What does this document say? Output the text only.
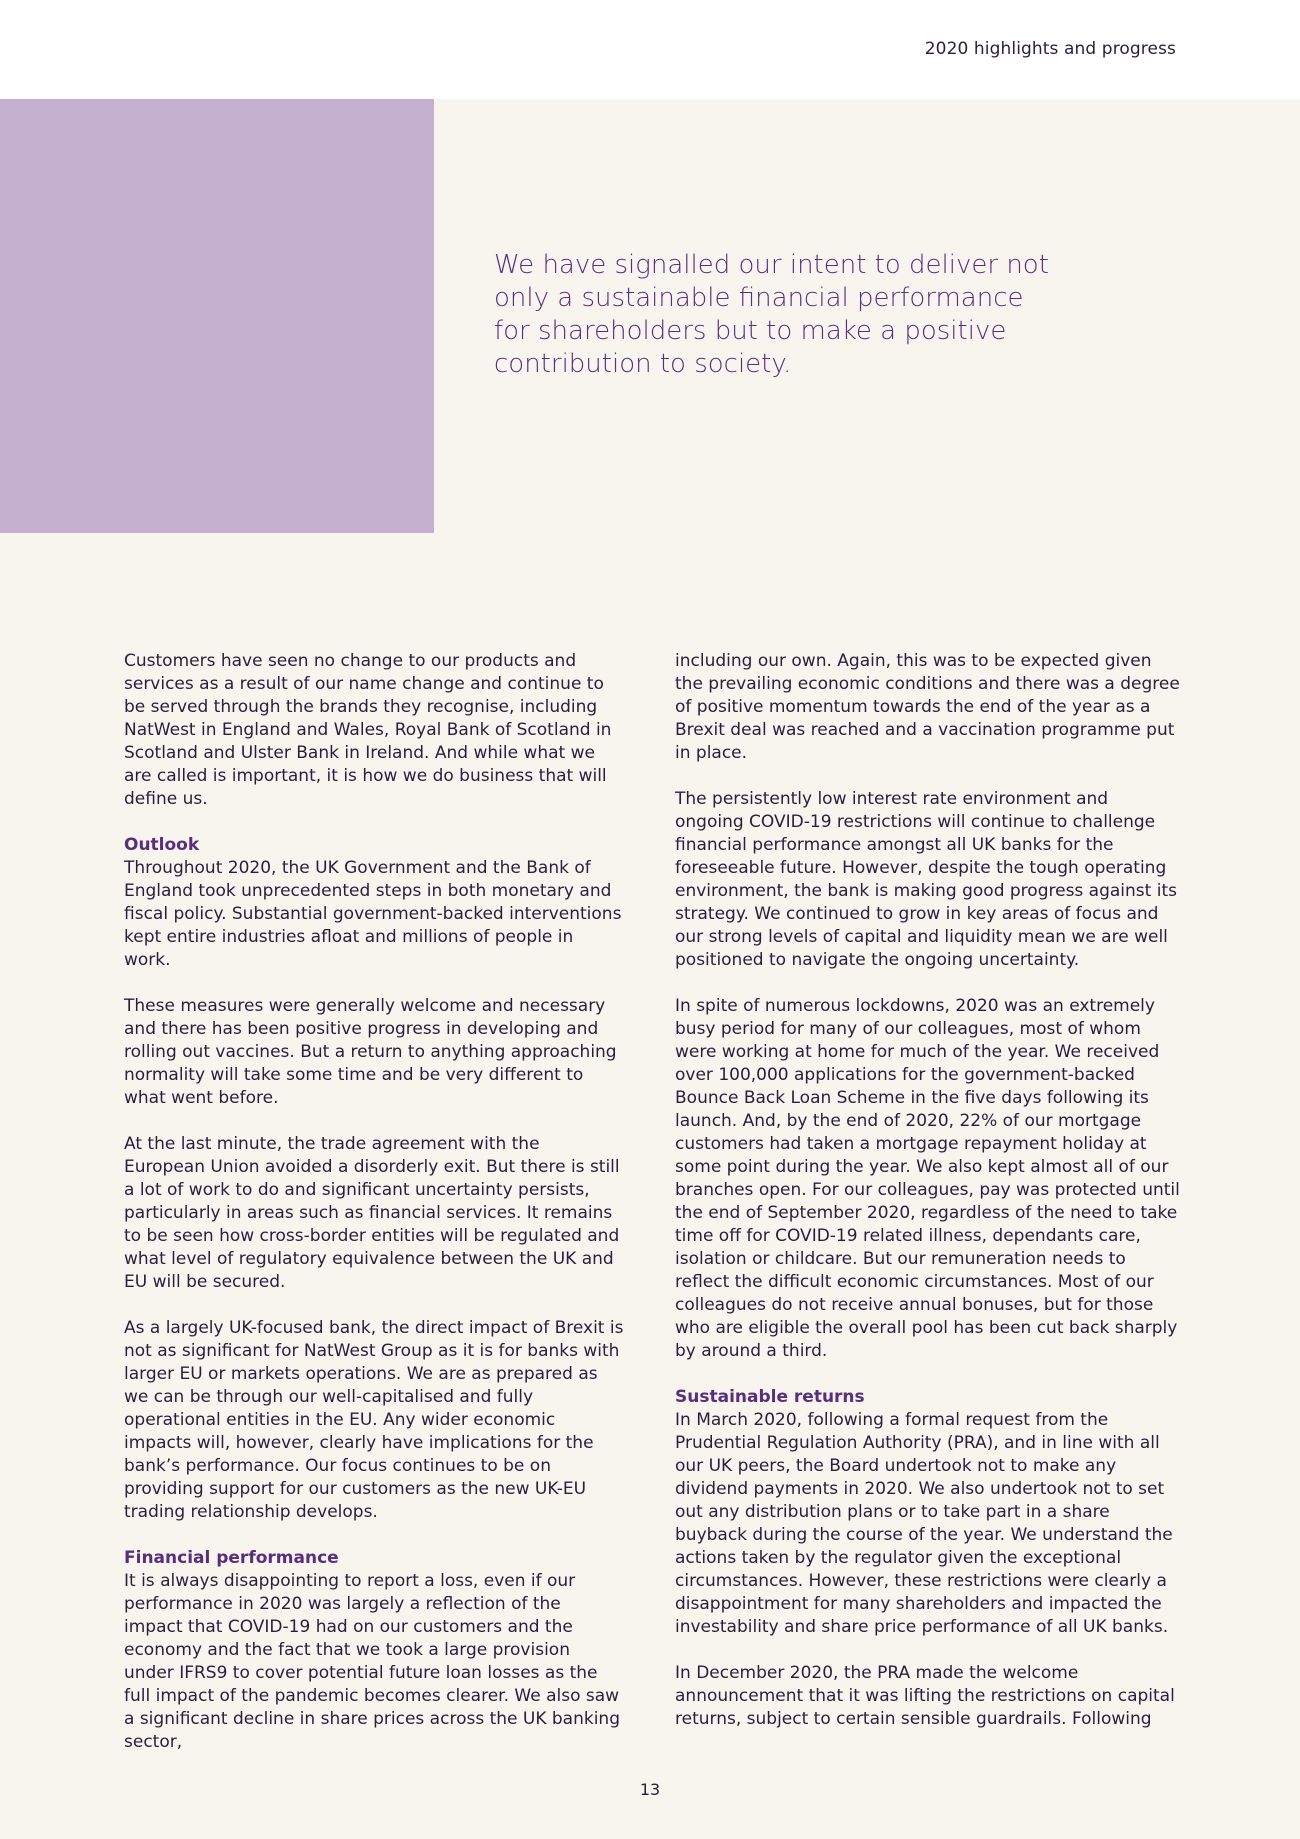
2020 highlights and progress

We have signalled our intent to deliver not only a sustainable financial performance for shareholders but to make a positive contribution to society.

Customers have seen no change to our products and services as a result of our name change and continue to be served through the brands they recognise, including NatWest in England and Wales, Royal Bank of Scotland in Scotland and Ulster Bank in Ireland. And while what we are called is important, it is how we do business that will define us.

Outlook

Throughout 2020, the UK Government and the Bank of England took unprecedented steps in both monetary and fiscal policy. Substantial government-backed interventions kept entire industries afloat and millions of people in work.

These measures were generally welcome and necessary and there has been positive progress in developing and rolling out vaccines. But a return to anything approaching normality will take some time and be very different to what went before.

At the last minute, the trade agreement with the European Union avoided a disorderly exit. But there is still a lot of work to do and significant uncertainty persists, particularly in areas such as financial services. It remains to be seen how cross-border entities will be regulated and what level of regulatory equivalence between the UK and EU will be secured.

As a largely UK-focused bank, the direct impact of Brexit is not as significant for NatWest Group as it is for banks with larger EU or markets operations. We are as prepared as we can be through our well-capitalised and fully operational entities in the EU. Any wider economic impacts will, however, clearly have implications for the bank’s performance. Our focus continues to be on providing support for our customers as the new UK-EU trading relationship develops.

Financial performance

It is always disappointing to report a loss, even if our performance in 2020 was largely a reflection of the impact that COVID-19 had on our customers and the economy and the fact that we took a large provision under IFRS9 to cover potential future loan losses as the full impact of the pandemic becomes clearer. We also saw a significant decline in share prices across the UK banking sector,

including our own. Again, this was to be expected given the prevailing economic conditions and there was a degree of positive momentum towards the end of the year as a Brexit deal was reached and a vaccination programme put in place.

The persistently low interest rate environment and ongoing COVID-19 restrictions will continue to challenge financial performance amongst all UK banks for the foreseeable future. However, despite the tough operating environment, the bank is making good progress against its strategy. We continued to grow in key areas of focus and our strong levels of capital and liquidity mean we are well positioned to navigate the ongoing uncertainty.

In spite of numerous lockdowns, 2020 was an extremely busy period for many of our colleagues, most of whom were working at home for much of the year. We received over 100,000 applications for the government-backed Bounce Back Loan Scheme in the five days following its launch. And, by the end of 2020, 22% of our mortgage customers had taken a mortgage repayment holiday at some point during the year. We also kept almost all of our branches open. For our colleagues, pay was protected until the end of September 2020, regardless of the need to take time off for COVID-19 related illness, dependants care, isolation or childcare. But our remuneration needs to reflect the difficult economic circumstances. Most of our colleagues do not receive annual bonuses, but for those who are eligible the overall pool has been cut back sharply by around a third.

Sustainable returns

In March 2020, following a formal request from the Prudential Regulation Authority (PRA), and in line with all our UK peers, the Board undertook not to make any dividend payments in 2020. We also undertook not to set out any distribution plans or to take part in a share buyback during the course of the year. We understand the actions taken by the regulator given the exceptional circumstances. However, these restrictions were clearly a disappointment for many shareholders and impacted the investability and share price performance of all UK banks.

In December 2020, the PRA made the welcome announcement that it was lifting the restrictions on capital returns, subject to certain sensible guardrails. Following

13
